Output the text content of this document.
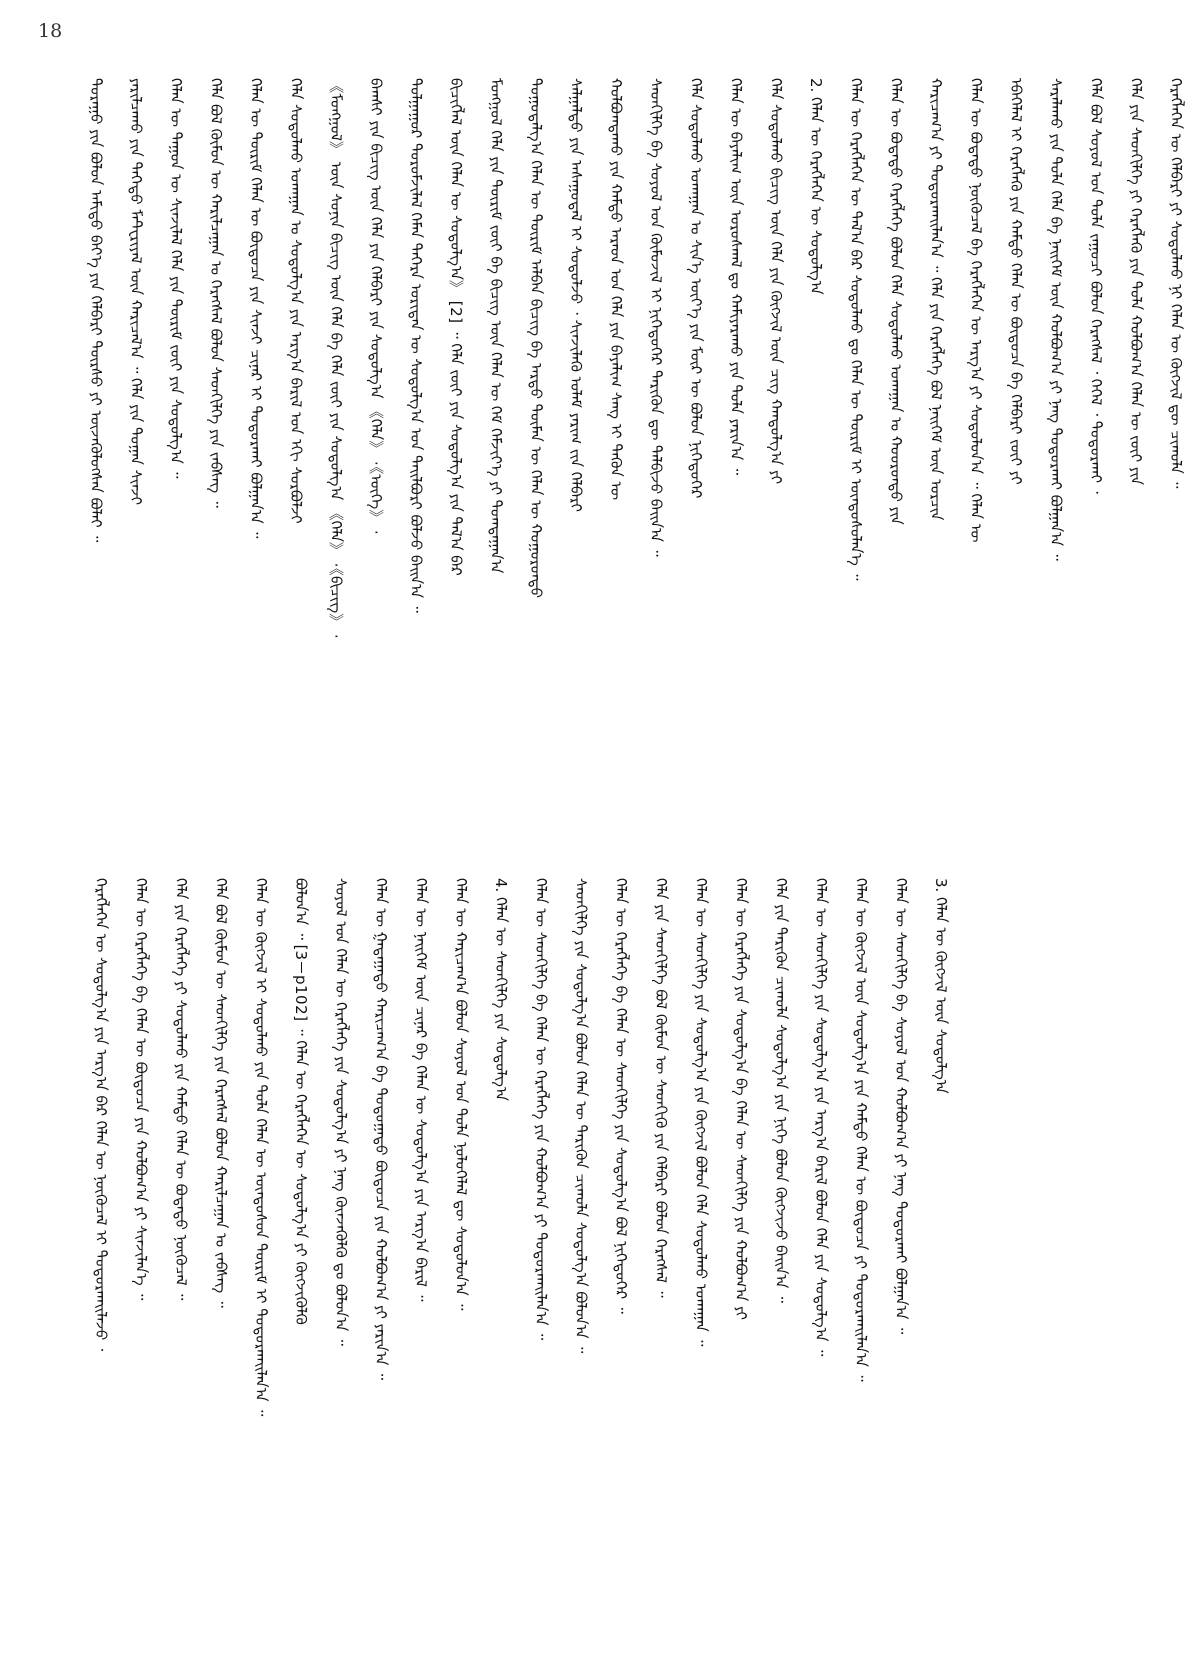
18
ᠳᠤᠷᠠᠭᠤ ᠶᠢᠨ ᠪᠣᠯᠤᠨ ᠠᠮᠢᠳᠤ ᠪᠡᠶ᠎ᠡ ᠶᠢᠨ ᠬᠡᠯᠪᠡᠷᠢ ᠳᠦᠷᠰᠦ ᠶᠢ ᠦᠵᠡᠭᠦᠯᠦᠭᠰᠡᠨ ᠪᠣᠯᠠᠢ ᠃	ᠶᠠᠷᠢᠯᠴᠠᠬᠤ ᠶᠢᠨ ᠳᠡᠭᠡᠳᠦ ᠮᠠᠲ᠋ᠧᠷᠢᠶᠠᠯ ᠦᠨ ᠬᠠᠷᠢᠴᠠᠯ᠎ᠠ ᠃ ᠬᠡᠯᠡ ᠶᠢᠨ ᠲᠣᠭᠠᠨ ᠰᠢᠨᠵᠢ	ᠬᠡᠯᠡᠨ ᠦ ᠳᠠᠭᠤᠨ ᠦ ᠰᠢᠨᠵᠢᠯᠡᠯ ᠬᠡᠯᠡ ᠶᠢᠨ ᠳᠦᠷᠢᠮ ᠵᠦᠢ ᠶᠢᠨ ᠰᠤᠳᠤᠯᠭ᠎ᠠ ᠃	ᠬᠡᠯᠡ ᠪᠣᠯ ᠬᠦᠮᠦᠨ ᠦ ᠬᠠᠷᠢᠯᠴᠠᠭᠠᠨ ᠤ ᠬᠡᠷᠡᠭᠰᠡᠯ ᠪᠣᠯᠣᠨ ᠰᠡᠳᠬᠢᠯᠭᠡ ᠶᠢᠨ ᠵᠡᠪᠰᠡᠭ ᠃	ᠬᠡᠯᠡᠨ ᠦ ᠳᠦᠷᠢᠮ ᠬᠡᠯᠡᠨ ᠦ ᠪᠦᠲᠦᠴᠡ ᠶᠢᠨ ᠰᠢᠨᠵᠢ ᠴᠢᠨᠠᠷ ᠢ ᠲᠣᠳᠤᠷᠬᠠᠢ ᠪᠣᠯᠭᠠᠨ᠎ᠠ ᠃	ᠬᠡᠯᠡ ᠰᠤᠳᠤᠯᠬᠤ ᠤᠬᠠᠭᠠᠨ ᠤ ᠰᠤᠳᠤᠯᠭ᠎ᠠ ᠶᠢᠨ ᠠᠷᠭ᠎ᠠ ᠪᠠᠷᠢᠯ ᠤᠨ ᠡᠬᠢ ᠰᠤᠷᠪᠤᠯᠵᠢ	《ᠮᠣᠩᠭᠣᠯ》 ᠦᠨ ᠰᠣᠨᠢᠨ ᠪᠢᠴᠢᠭ ᠦᠨ ᠬᠡᠯᠡ ᠪᠠ ᠬᠡᠯᠡ ᠵᠦᠢ ᠶᠢᠨ ᠰᠤᠳᠤᠯᠭ᠎ᠠ 《ᠬᠡᠯᠡ》 ·《ᠪᠢᠴᠢᠭ》 ·	ᠪᠠᠭᠰᠢ ᠶᠢᠨ ᠪᠢᠴᠢᠭ ᠦᠨ ᠬᠡᠯᠡ ᠶᠢᠨ ᠬᠡᠯᠪᠡᠷᠢ ᠶᠢᠨ ᠰᠤᠳᠤᠯᠭ᠎ᠠ 《ᠬᠡᠯᠡ》 ·《ᠦᠭᠡ》 ·	ᠲᠤᠯᠭᠠᠭᠤᠷ ᠳᠣᠷᠤᠮᠵᠢᠯᠠᠯ ᠬᠡᠮᠡᠨ ᠳᠡᠭᠡᠷᠡ ᠤᠷᠢᠳᠠᠨ ᠦ ᠰᠤᠳᠤᠯᠭ᠎ᠠ ᠤᠨ ᠲᠠᠢᠯᠪᠤᠷᠢ ᠪᠣᠯᠵᠤ ᠪᠠᠢᠨ᠎ᠠ ᠃	ᠪᠢᠴᠢᠭᠯᠡᠯ ᠦᠨ ᠬᠡᠯᠡᠨ ᠦ ᠰᠤᠳᠤᠯᠭ᠎ᠠ》 [2] ᠃ ᠬᠡᠯᠡ ᠵᠦᠢ ᠶᠢᠨ ᠰᠤᠳᠤᠯᠭ᠎ᠠ ᠶᠢᠨ ᠲᠠᠯ᠎ᠠ ᠪᠠᠷ	ᠮᠣᠩᠭᠣᠯ ᠬᠡᠯᠡ ᠶᠢᠨ ᠳᠦᠷᠢᠮ ᠵᠦᠢ ᠪᠠ ᠪᠢᠴᠢᠭ ᠦᠨ ᠬᠡᠯᠡᠨ ᠦ ᠬᠡᠮ ᠬᠡᠮᠵᠢᠶ᠎ᠡ ᠶᠢ ᠲᠣᠭᠲᠠᠭᠠᠨ᠎ᠠ	ᠳᠤᠭᠤᠳᠠᠯᠭ᠎ᠠ ᠬᠡᠯᠡᠨ ᠦ ᠳᠦᠷᠢᠮ ᠠᠯᠪᠠᠨ ᠪᠢᠴᠢᠭ ᠪᠠ ᠠᠷᠳᠤ ᠲᠦᠮᠡᠨ ᠦ ᠬᠡᠯᠡᠨ ᠦ ᠬᠣᠭᠣᠷᠤᠨᠳᠤ	ᠰᠠᠯᠭᠠᠯᠳᠤ ᠶᠢᠨ ᠠᠰᠠᠭᠤᠳᠠᠯ ᠢ ᠰᠤᠳᠤᠯᠵᠤ ᠂ ᠰᠢᠨᠵᠢᠯᠡᠬᠦ ᠤᠯᠠᠮ ᠶᠠᠷᠢᠭ ᠵᠢᠨ ᠬᠡᠯᠪᠡᠷᠢ	ᠬᠣᠯᠪᠣᠭᠳᠠᠬᠤ ᠶᠢᠨ ᠬᠠᠮᠲᠤ ᠠᠷᠠᠳ ᠤᠨ ᠬᠡᠯᠡ ᠶᠢᠨ ᠪᠠᠶᠠᠯᠢᠭ ᠰᠠᠩ ᠢ ᠲᠡᠭᠦᠨ ᠦ	ᠰᠡᠳᠬᠢᠯᠭᠡ ᠪᠠ ᠰᠤᠶᠤᠯ ᠤᠨ ᠬᠦᠮᠦᠵᠢᠯ ᠢ ᠨᠢᠭᠡᠳᠦᠭᠡᠷ ᠲᠡᠷᠢᠭᠦᠨ ᠳᠦ ᠲᠠᠯᠪᠢᠵᠤ ᠪᠠᠢᠨ᠎ᠠ ᠃	ᠬᠡᠯᠡ ᠰᠤᠳᠤᠯᠬᠤ ᠤᠬᠠᠭᠠᠨ ᠤ ᠰᠢᠨ᠎ᠡ ᠦᠶ᠎ᠡ ᠶᠢᠨ ᠮᠥᠷ ᠦ ᠪᠣᠯᠤᠨ ᠨᠢᠭᠡᠳᠦᠭᠡᠷ	ᠬᠡᠯᠡᠨ ᠦ ᠪᠠᠶᠠᠯᠢᠭ ᠦᠨ ᠤᠷᠤᠰᠬᠠᠯ ᠳᠤ ᠬᠠᠮᠢᠶᠠᠷᠠᠬᠤ ᠶᠢᠨ ᠲᠤᠯᠠ ᠶᠠᠷᠢᠨ᠎ᠠ ᠃	ᠬᠡᠯᠡ ᠰᠤᠳᠤᠯᠬᠤ ᠪᠢᠴᠢᠭ ᠦᠨ ᠬᠡᠯᠡ ᠶᠢᠨ ᠬᠥᠭᠵᠢᠯ ᠦᠨ ᠴᠢᠭ ᠬᠠᠨᠳᠤᠯᠭ᠎ᠠ ᠶᠢ	2. ᠬᠡᠯᠡᠨ ᠦ ᠬᠡᠷᠡᠭᠯᠡᠭᠡᠨ ᠦ ᠰᠤᠳᠤᠯᠭ᠎ᠠ	ᠬᠡᠯᠡᠨ ᠦ ᠬᠡᠷᠡᠭᠯᠡᠭᠡᠨ ᠦ ᠲᠠᠯ᠎ᠠ ᠪᠠᠷ ᠰᠤᠳᠤᠯᠬᠤ ᠳᠤ ᠬᠡᠯᠡᠨ ᠦ ᠳᠦᠷᠢᠮ ᠢ ᠦᠨᠳᠦᠰᠦᠯᠡᠨ᠎ᠡ ᠃	ᠬᠡᠯᠡᠨ ᠦ ᠪᠣᠳᠠᠲᠤ ᠬᠡᠷᠡᠭᠯᠡᠭᠡ ᠪᠣᠯᠤᠨ ᠬᠡᠯᠡ ᠰᠤᠳᠤᠯᠬᠤ ᠤᠬᠠᠭᠠᠨ ᠤ ᠬᠣᠣᠷᠣᠨᠳᠤ ᠶᠢᠨ	ᠬᠠᠷᠢᠴᠠᠭ᠎ᠠ ᠶᠢ ᠲᠣᠳᠤᠷᠬᠠᠢᠯᠠᠨ᠎ᠠ ᠃ ᠬᠡᠯᠡ ᠶᠢᠨ ᠬᠡᠷᠡᠭᠯᠡᠭᠡ ᠪᠣᠯ ᠨᠡᠢᠭᠡᠮ ᠦᠨ ᠣᠷᠴᠢᠨ	ᠬᠡᠯᠡᠨ ᠦ ᠪᠣᠳᠠᠲᠤ ᠨᠥᠬᠦᠴᠡᠯ ᠪᠠ ᠬᠡᠷᠡᠭᠯᠡᠭᠡᠨ ᠦ ᠠᠷᠭ᠎ᠠ ᠶᠢ ᠰᠤᠳᠤᠯᠤᠨ᠎ᠠ ᠃ ᠬᠡᠯᠡᠨ ᠦ	ᠡᠪᠡᠭᠡᠯᠡᠯ ᠢ ᠬᠡᠷᠡᠭᠯᠡᠬᠦ ᠶᠢᠨ ᠬᠠᠮᠲᠤ ᠬᠡᠯᠡᠨ ᠦ ᠪᠦᠲᠦᠴᠡ ᠪᠠ ᠬᠡᠯᠪᠡᠷᠢ ᠵᠦᠢ ᠶᠢ	ᠰᠠᠷᠠᠯᠠᠬᠤ ᠶᠢᠨ ᠲᠤᠯᠠ ᠬᠡᠯᠡ ᠪᠠ ᠨᠡᠢᠭᠡᠮ ᠦᠨ ᠬᠣᠯᠪᠣᠭ᠎ᠠ ᠶᠢ ᠨᠡᠩ ᠲᠣᠳᠤᠷᠬᠠᠢ ᠪᠣᠯᠭᠠᠨ᠎ᠠ ᠃	ᠬᠡᠯᠡ ᠪᠣᠯ ᠰᠣᠶᠣᠯ ᠤᠨ ᠲᠤᠯᠠ ᠵᠠᠭᠤᠴᠢ ᠪᠣᠯᠤᠨ ᠬᠡᠷᠡᠭᠰᠡᠯ ᠂ ᠭᠡᠭᠡᠯ ᠂ ᠲᠣᠳᠤᠷᠬᠠᠢ ᠂	ᠬᠡᠯᠡ ᠶᠢᠨ ᠰᠡᠳᠬᠢᠯᠭᠡ ᠶᠢ ᠬᠡᠷᠡᠭᠯᠡᠬᠦ ᠶᠢᠨ ᠲᠤᠯᠠ ᠬᠣᠯᠪᠣᠭ᠎ᠠ ᠬᠡᠯᠡᠨ ᠦ ᠵᠦᠢ ᠶᠢᠨ	ᠬᠡᠷᠡᠭᠯᠡᠭᠡᠨ ᠦ ᠬᠡᠯᠪᠡᠷᠢ ᠶᠢ ᠰᠤᠳᠤᠯᠬᠤ ᠨᠢ ᠬᠡᠯᠡᠨ ᠦ ᠬᠥᠭᠵᠢᠯ ᠳᠦ ᠴᠢᠬᠤᠯᠠ ᠃
ᠬᠡᠷᠡᠭᠯᠡᠭᠡᠨ ᠦ ᠰᠤᠳᠤᠯᠭ᠎ᠠ ᠶᠢᠨ ᠠᠷᠭ᠎ᠠ ᠪᠠᠷ ᠬᠡᠯᠡᠨ ᠦ ᠨᠥᠬᠦᠴᠡᠯ ᠢ ᠲᠣᠳᠤᠷᠬᠠᠢᠯᠠᠵᠤ ᠂	ᠬᠡᠯᠡᠨ ᠦ ᠬᠡᠷᠡᠭᠯᠡᠭᠡ ᠪᠠ ᠬᠡᠯᠡᠨ ᠦ ᠪᠦᠲᠦᠴᠡ ᠶᠢᠨ ᠬᠣᠯᠪᠣᠭ᠎ᠠ ᠶᠢ ᠰᠢᠨᠵᠢᠯᠡᠨ᠎ᠡ ᠃	ᠬᠡᠯᠡ ᠶᠢᠨ ᠬᠡᠷᠡᠭᠯᠡᠭᠡ ᠶᠢ ᠰᠤᠳᠤᠯᠬᠤ ᠶᠢᠨ ᠬᠠᠮᠲᠤ ᠬᠡᠯᠡᠨ ᠦ ᠪᠣᠳᠠᠲᠤ ᠨᠥᠬᠦᠴᠡᠯ ᠃	ᠬᠡᠯᠡ ᠪᠣᠯ ᠬᠦᠮᠦᠨ ᠦ ᠰᠡᠳᠬᠢᠯᠭᠡ ᠶᠢᠨ ᠬᠡᠷᠡᠭᠰᠡᠯ ᠪᠣᠯᠤᠨ ᠬᠠᠷᠢᠯᠴᠠᠭᠠᠨ ᠤ ᠵᠡᠪᠰᠡᠭ ᠃	ᠬᠡᠯᠡᠨ ᠦ ᠬᠥᠭᠵᠢᠯ ᠢ ᠰᠤᠳᠤᠯᠬᠤ ᠶᠢᠨ ᠲᠤᠯᠠ ᠬᠡᠯᠡᠨ ᠦ ᠦᠨᠳᠦᠰᠦᠨ ᠳᠦᠷᠢᠮ ᠢ ᠲᠣᠳᠤᠷᠬᠠᠢᠯᠠᠨ᠎ᠠ ᠃	ᠪᠣᠯᠤᠨ᠎ᠠ ᠃ [3－p102] ᠃ ᠬᠡᠯᠡᠨ ᠦ ᠬᠡᠷᠡᠭᠯᠡᠭᠡᠨ ᠦ ᠰᠤᠳᠤᠯᠭ᠎ᠠ ᠶᠢ ᠬᠦᠭᠵᠢᠭᠦᠯᠬᠦ	ᠰᠣᠶᠣᠯ ᠤᠨ ᠬᠡᠯᠡᠨ ᠦ ᠬᠡᠷᠡᠭᠯᠡᠭᠡ ᠶᠢᠨ ᠰᠤᠳᠤᠯᠭ᠎ᠠ ᠶᠢ ᠨᠡᠩ ᠭᠦᠨᠵᠡᠭᠦᠯᠬᠦ ᠳᠤ ᠪᠣᠯᠤᠨ᠎ᠠ ᠃	ᠬᠡᠯᠡᠨ ᠦ ᠭᠠᠳᠠᠭᠠᠳᠤ ᠬᠠᠷᠢᠴᠠᠭ᠎ᠠ ᠪᠠ ᠳᠣᠲᠣᠭᠠᠳᠤ ᠪᠦᠲᠦᠴᠡ ᠶᠢᠨ ᠬᠣᠯᠪᠣᠭ᠎ᠠ ᠶᠢ ᠶᠠᠷᠢᠨ᠎ᠠ ᠃	ᠬᠡᠯᠡᠨ ᠦ ᠨᠡᠢᠭᠡᠮ ᠦᠨ ᠴᠢᠨᠠᠷ ᠪᠠ ᠬᠡᠯᠡᠨ ᠦ ᠰᠤᠳᠤᠯᠭ᠎ᠠ ᠶᠢᠨ ᠠᠷᠭ᠎ᠠ ᠪᠠᠷᠢᠯ ᠃	ᠬᠡᠯᠡᠨ ᠦ ᠬᠠᠷᠢᠴᠠᠭ᠎ᠠ ᠪᠣᠯᠤᠨ ᠰᠣᠶᠣᠯ ᠤᠨ ᠲᠤᠯᠠ ᠨᠣᠯᠣᠭᠡᠯᠡᠯ ᠳᠦ ᠰᠤᠳᠤᠯᠤᠨ᠎ᠠ ᠃	4. ᠬᠡᠯᠡᠨ ᠦ ᠰᠡᠳᠬᠢᠯᠭᠡ ᠶᠢᠨ ᠰᠤᠳᠤᠯᠭ᠎ᠠ	ᠬᠡᠯᠡᠨ ᠦ ᠰᠡᠳᠬᠢᠯᠭᠡ ᠪᠠ ᠬᠡᠯᠡᠨ ᠦ ᠬᠡᠷᠡᠭᠯᠡᠭᠡ ᠶᠢᠨ ᠬᠣᠯᠪᠣᠭ᠎ᠠ ᠶᠢ ᠲᠣᠳᠤᠷᠬᠠᠢᠯᠠᠨ᠎ᠠ ᠃	ᠰᠡᠳᠬᠢᠯᠭᠡ ᠶᠢᠨ ᠰᠤᠳᠤᠯᠭ᠎ᠠ ᠪᠣᠯᠤᠨ ᠬᠡᠯᠡᠨ ᠦ ᠲᠡᠷᠢᠭᠦᠨ ᠴᠢᠬᠤᠯᠠ ᠰᠤᠳᠤᠯᠭ᠎ᠠ ᠪᠣᠯᠤᠨ᠎ᠠ ᠃	ᠬᠡᠯᠡᠨ ᠦ ᠬᠡᠷᠡᠭᠯᠡᠭᠡ ᠪᠠ ᠬᠡᠯᠡᠨ ᠦ ᠰᠡᠳᠬᠢᠯᠭᠡ ᠶᠢᠨ ᠰᠤᠳᠤᠯᠭ᠎ᠠ ᠪᠣᠯ ᠨᠢᠭᠡᠳᠦᠭᠡᠷ ᠃	ᠬᠡᠯᠡ ᠶᠢᠨ ᠰᠡᠳᠬᠢᠯᠭᠡ ᠪᠣᠯ ᠬᠦᠮᠦᠨ ᠦ ᠰᠡᠳᠬᠢᠬᠦ ᠶᠢᠨ ᠬᠡᠯᠪᠡᠷᠢ ᠪᠣᠯᠤᠨ ᠬᠡᠷᠡᠭᠰᠡᠯ ᠃	ᠬᠡᠯᠡᠨ ᠦ ᠰᠡᠳᠬᠢᠯᠭᠡ ᠶᠢᠨ ᠰᠤᠳᠤᠯᠭ᠎ᠠ ᠶᠢᠨ ᠬᠥᠭᠵᠢᠯ ᠪᠣᠯᠤᠨ ᠬᠡᠯᠡ ᠰᠤᠳᠤᠯᠬᠤ ᠤᠬᠠᠭᠠᠨ ᠃	ᠬᠡᠯᠡᠨ ᠦ ᠬᠡᠷᠡᠭᠯᠡᠭᠡ ᠶᠢᠨ ᠰᠤᠳᠤᠯᠭ᠎ᠠ ᠪᠠ ᠬᠡᠯᠡᠨ ᠦ ᠰᠡᠳᠬᠢᠯᠭᠡ ᠶᠢᠨ ᠬᠣᠯᠪᠣᠭ᠎ᠠ ᠶᠢ	ᠬᠡᠯᠡ ᠶᠢᠨ ᠲᠡᠷᠢᠭᠦᠨ ᠴᠢᠬᠤᠯᠠ ᠰᠤᠳᠤᠯᠭ᠎ᠠ ᠶᠢᠨ ᠨᠢᠭᠡ ᠪᠣᠯᠤᠨ ᠬᠥᠭᠵᠢᠵᠦ ᠪᠠᠢᠨ᠎ᠠ ᠃	ᠬᠡᠯᠡᠨ ᠦ ᠰᠡᠳᠬᠢᠯᠭᠡ ᠶᠢᠨ ᠰᠤᠳᠤᠯᠭ᠎ᠠ ᠶᠢᠨ ᠠᠷᠭ᠎ᠠ ᠪᠠᠷᠢᠯ ᠪᠣᠯᠤᠨ ᠬᠡᠯᠡ ᠶᠢᠨ ᠰᠤᠳᠤᠯᠭ᠎ᠠ ᠃	ᠬᠡᠯᠡᠨ ᠦ ᠬᠥᠭᠵᠢᠯ ᠦᠨ ᠰᠤᠳᠤᠯᠭ᠎ᠠ ᠶᠢᠨ ᠬᠠᠮᠲᠤ ᠬᠡᠯᠡᠨ ᠦ ᠪᠦᠲᠦᠴᠡ ᠶᠢ ᠲᠣᠳᠤᠷᠬᠠᠢᠯᠠᠨ᠎ᠠ ᠃	ᠬᠡᠯᠡᠨ ᠦ ᠰᠡᠳᠬᠢᠯᠭᠡ ᠪᠠ ᠰᠣᠶᠣᠯ ᠤᠨ ᠬᠣᠯᠪᠣᠭ᠎ᠠ ᠶᠢ ᠨᠡᠩ ᠲᠣᠳᠤᠷᠬᠠᠢ ᠪᠣᠯᠭᠠᠨ᠎ᠠ ᠃	3. ᠬᠡᠯᠡᠨ ᠦ ᠬᠥᠭᠵᠢᠯ ᠦᠨ ᠰᠤᠳᠤᠯᠭ᠎ᠠ
